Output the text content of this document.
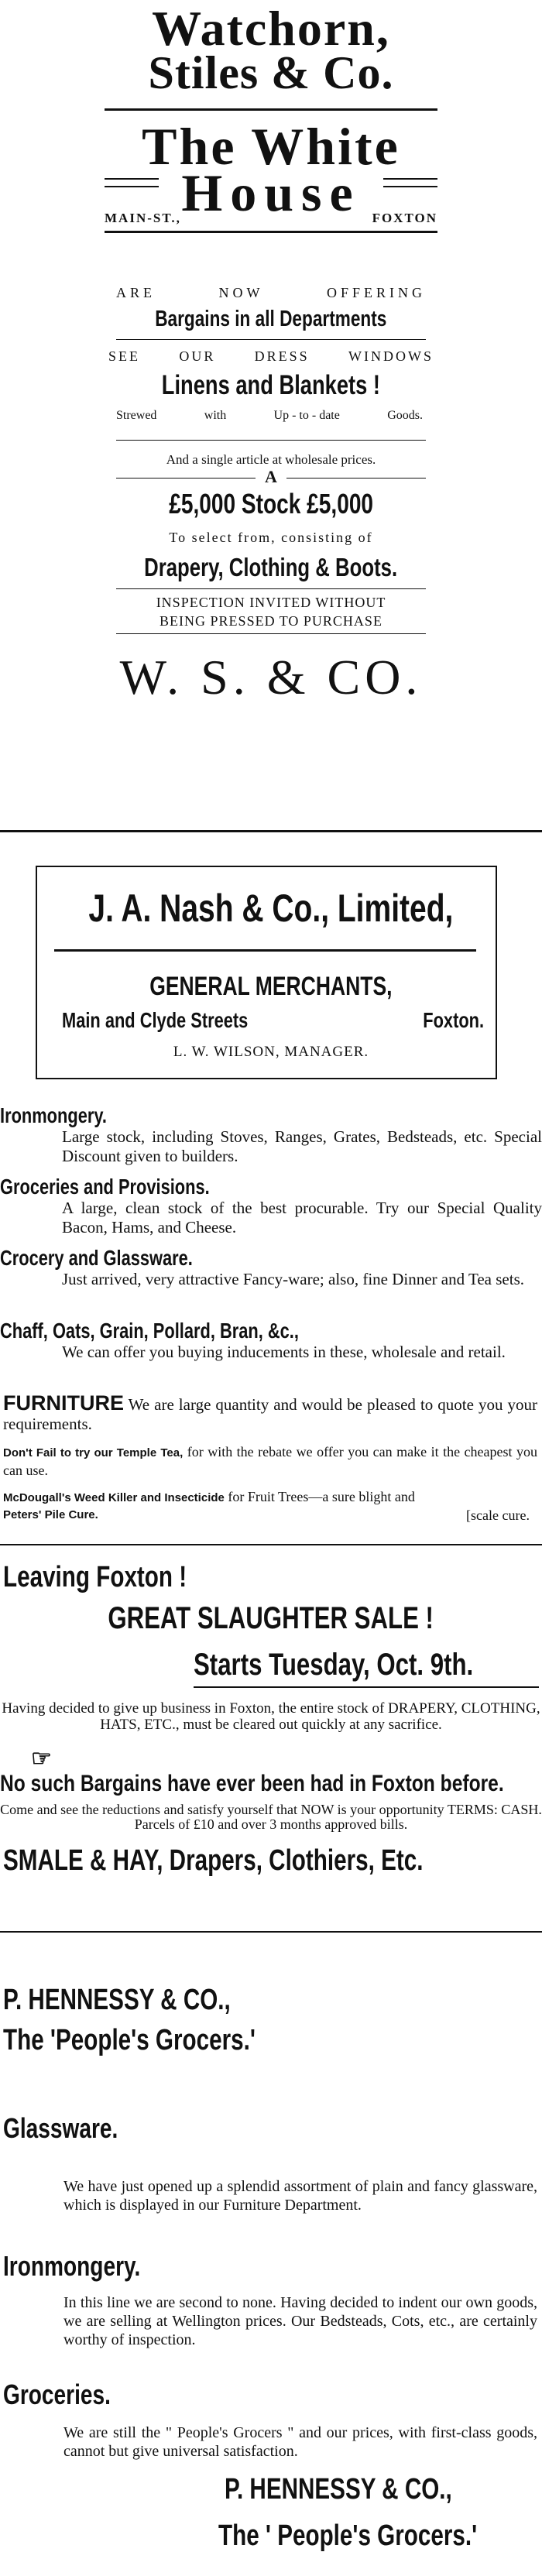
Watchorn,
Stiles & Co.
The White
House
MAIN-ST.,	FOXTON
ARE	NOW	OFFERING
Bargains in all Departments
SEE	OUR	DRESS	WINDOWS
Linens and Blankets !
Strewed	with	Up - to - date	Goods.
And a single article at wholesale prices.
A
£5,000 Stock £5,000
To select from, consisting of
Drapery, Clothing & Boots.
INSPECTION INVITED WITHOUT
BEING PRESSED TO PURCHASE
W. S. & CO.
J. A. Nash & Co., Limited,
GENERAL MERCHANTS,
Main and Clyde Streets	Foxton.
L. W. WILSON, MANAGER.
Ironmongery.
Large stock, including Stoves, Ranges, Grates, Bedsteads, etc. Special Discount given to builders.
Groceries and Provisions.
A large, clean stock of the best procurable. Try our Special Quality Bacon, Hams, and Cheese.
Crocery and Glassware.
Just arrived, very attractive Fancy-ware; also, fine Dinner and Tea sets.
Chaff, Oats, Grain, Pollard, Bran, &c.,
We can offer you buying inducements in these, wholesale and retail.
FURNITURE We are large quantity and would be pleased to quote you your requirements.
Don't Fail to try our Temple Tea, for with the rebate we offer you can make it the cheapest you can use.
McDougall's Weed Killer and Insecticide for Fruit Trees—a sure blight and
Peters' Pile Cure.	[scale cure.
Leaving Foxton !
GREAT SLAUGHTER SALE !
Starts Tuesday, Oct. 9th.
Having decided to give up business in Foxton, the entire stock of DRAPERY, CLOTHING, HATS, ETC., must be cleared out quickly at any sacrifice.
☞ No such Bargains have ever been had in Foxton before.
Come and see the reductions and satisfy yourself that NOW is your opportunity TERMS: CASH. Parcels of £10 and over 3 months approved bills.
SMALE & HAY, Drapers, Clothiers, Etc.
P. HENNESSY & CO.,
The 'People's Grocers.'
Glassware.
We have just opened up a splendid assortment of plain and fancy glassware, which is displayed in our Furniture Department.
Ironmongery.
In this line we are second to none. Having decided to indent our own goods, we are selling at Wellington prices. Our Bedsteads, Cots, etc., are certainly worthy of inspection.
Groceries.
We are still the " People's Grocers " and our prices, with first-class goods, cannot but give universal satisfaction.
P. HENNESSY & CO.,
The ' People's Grocers.'
